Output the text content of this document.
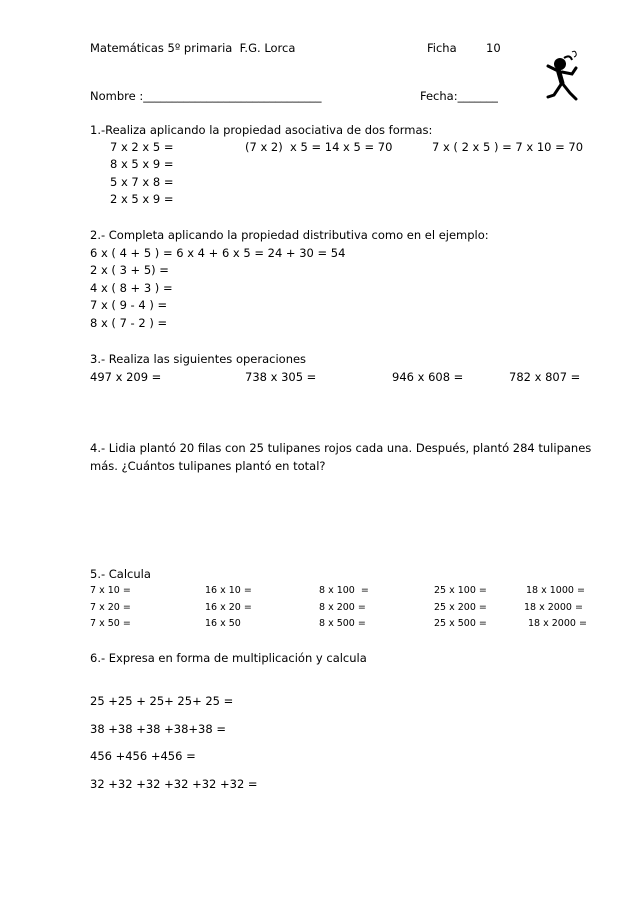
Matemáticas 5º primaria  F.G. Lorca	Ficha	10
Nombre :_______________________________	Fecha:_______
1.-Realiza aplicando la propiedad asociativa de dos formas:
7 x 2 x 5 =	(7 x 2)  x 5 = 14 x 5 = 70	7 x ( 2 x 5 ) = 7 x 10 = 70
8 x 5 x 9 =
5 x 7 x 8 =
2 x 5 x 9 =
2.- Completa aplicando la propiedad distributiva como en el ejemplo:
6 x ( 4 + 5 ) = 6 x 4 + 6 x 5 = 24 + 30 = 54
2 x ( 3 + 5) =
4 x ( 8 + 3 ) =
7 x ( 9 - 4 ) =
8 x ( 7 - 2 ) =
3.- Realiza las siguientes operaciones
497 x 209 =	738 x 305 =	946 x 608 =	782 x 807 =
4.- Lidia plantó 20 filas con 25 tulipanes rojos cada una. Después, plantó 284 tulipanes
más. ¿Cuántos tulipanes plantó en total?
5.- Calcula
7 x 10 =	16 x 10 =	8 x 100  =	25 x 100 =	18 x 1000 =
7 x 20 =	16 x 20 =	8 x 200 =	25 x 200 =	18 x 2000 =
7 x 50 =	16 x 50	8 x 500 =	25 x 500 =	18 x 2000 =
6.- Expresa en forma de multiplicación y calcula
25 +25 + 25+ 25+ 25 =
38 +38 +38 +38+38 =
456 +456 +456 =
32 +32 +32 +32 +32 +32 =
